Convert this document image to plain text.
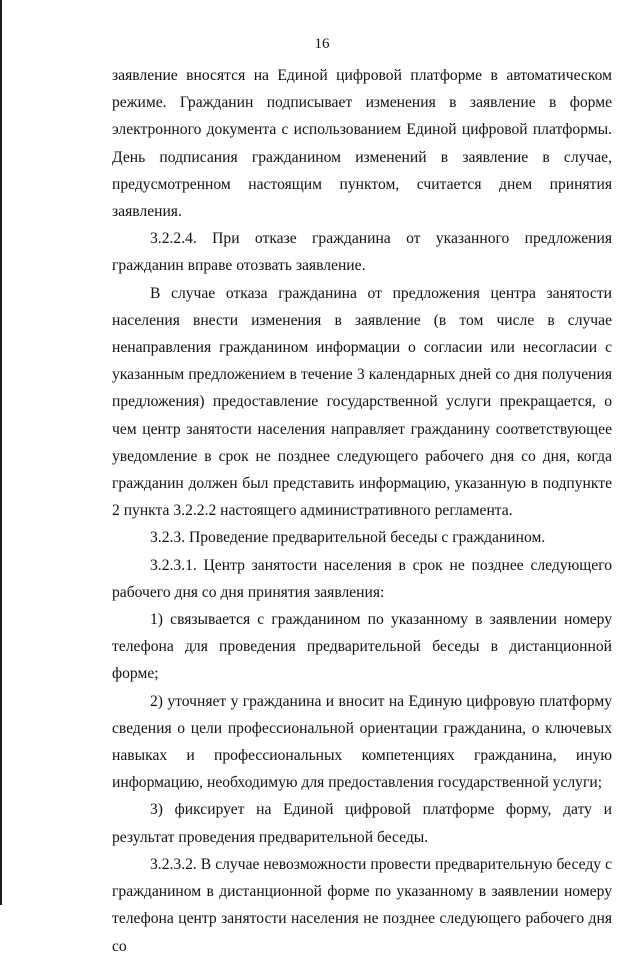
16

заявление вносятся на Единой цифровой платформе в автоматическом режиме. Гражданин подписывает изменения в заявление в форме электронного документа с использованием Единой цифровой платформы. День подписания гражданином изменений в заявление в случае, предусмотренном настоящим пунктом, считается днем принятия заявления.

3.2.2.4. При отказе гражданина от указанного предложения гражданин вправе отозвать заявление.

В случае отказа гражданина от предложения центра занятости населения внести изменения в заявление (в том числе в случае ненаправления гражданином информации о согласии или несогласии с указанным предложением в течение 3 календарных дней со дня получения предложения) предоставление государственной услуги прекращается, о чем центр занятости населения направляет гражданину соответствующее уведомление в срок не позднее следующего рабочего дня со дня, когда гражданин должен был представить информацию, указанную в подпункте 2 пункта 3.2.2.2 настоящего административного регламента.

3.2.3. Проведение предварительной беседы с гражданином.

3.2.3.1. Центр занятости населения в срок не позднее следующего рабочего дня со дня принятия заявления:

1) связывается с гражданином по указанному в заявлении номеру телефона для проведения предварительной беседы в дистанционной форме;

2) уточняет у гражданина и вносит на Единую цифровую платформу сведения о цели профессиональной ориентации гражданина, о ключевых навыках и профессиональных компетенциях гражданина, иную информацию, необходимую для предоставления государственной услуги;

3) фиксирует на Единой цифровой платформе форму, дату и результат проведения предварительной беседы.

3.2.3.2. В случае невозможности провести предварительную беседу с гражданином в дистанционной форме по указанному в заявлении номеру телефона центр занятости населения не позднее следующего рабочего дня со
